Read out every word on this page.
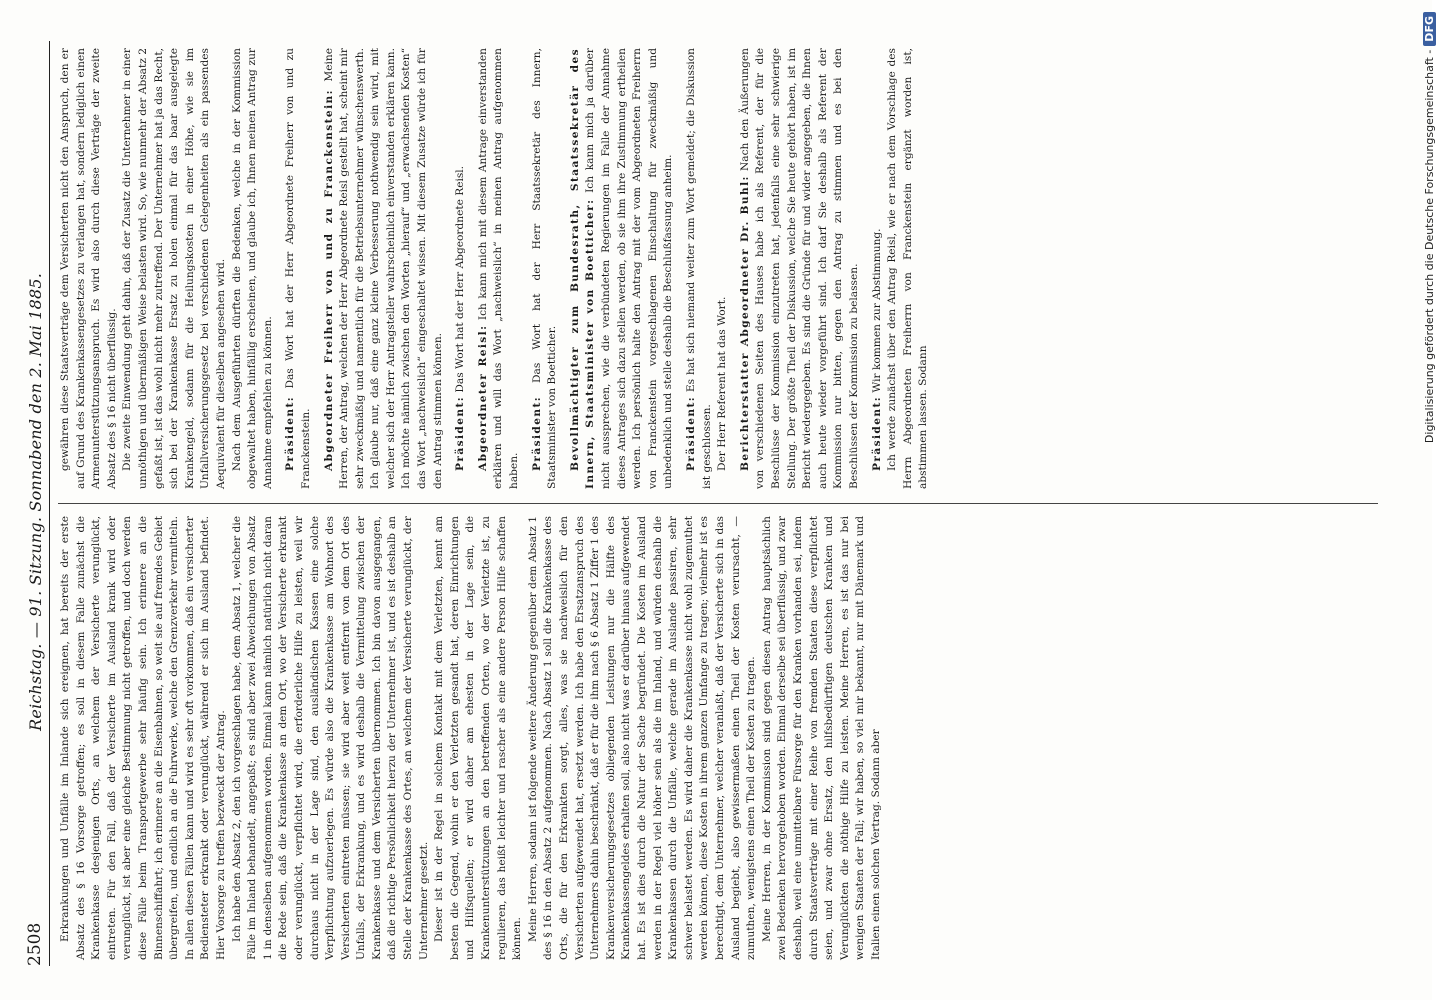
2508
Reichstag. — 91. Sitzung. Sonnabend den 2. Mai 1885. Erkrankungen und Unfälle im Inlande sich ereignen, hat bereits der erste Absatz des § 16 Vorsorge getroffen; es soll in diesem Falle zunächst die Krankenkasse desjenigen Orts, an welchem der Versicherte verunglückt, eintreten. Für den Fall, daß der Versicherte im Ausland krank wird oder verunglückt, ist aber eine gleiche Bestimmung nicht getroffen, und doch werden diese Fälle beim Transportgewerbe sehr häufig sein. Ich erinnere an die Binnenschiffahrt; ich erinnere an die Eisenbahnen, so weit sie auf fremdes Gebiet übergreifen, und endlich an die Fuhrwerke, welche den Grenzverkehr vermitteln. In allen diesen Fällen kann und wird es sehr oft vorkommen, daß ein versicherter Bediensteter erkrankt oder verunglückt, während er sich im Ausland befindet. Hier Vorsorge zu treffen bezweckt der Antrag. Ich habe den Absatz 2, den ich vorgeschlagen habe, dem Absatz 1, welcher die Fälle im Inland behandelt, angepaßt; es sind aber zwei Abweichungen von Absatz 1 in denselben aufgenommen worden. Einmal kann nämlich natürlich nicht daran die Rede sein, daß die Krankenkasse an dem Ort, wo der Versicherte erkrankt oder verunglückt, verpflichtet wird, die erforderliche Hilfe zu leisten, weil wir durchaus nicht in der Lage sind, den ausländischen Kassen eine solche Verpflichtung aufzuerlegen. Es würde also die Krankenkasse am Wohnort des Versicherten eintreten müssen; sie wird aber weit entfernt von dem Ort des Unfalls, der Erkrankung, und es wird deshalb die Vermittelung zwischen der Krankenkasse und dem Versicherten übernommen. Ich bin davon ausgegangen, daß die richtige Persönlichkeit hierzu der Unternehmer ist, und es ist deshalb an Stelle der Krankenkasse des Ortes, an welchem der Versicherte verunglückt, der Unternehmer gesetzt. Dieser ist in der Regel in solchem Kontakt mit dem Verletzten, kennt am besten die Gegend, wohin er den Verletzten gesandt hat, deren Einrichtungen und Hilfsquellen; er wird daher am ehesten in der Lage sein, die Krankenunterstützungen an den betreffenden Orten, wo der Verletzte ist, zu regulieren, das heißt leichter und rascher als eine andere Person Hilfe schaffen können. Meine Herren, sodann ist folgende weitere Änderung gegenüber dem Absatz 1 des § 16 in den Absatz 2 aufgenommen. Nach Absatz 1 soll die Krankenkasse des Orts, die für den Erkrankten sorgt, alles, was sie nachweislich für den Versicherten aufgewendet hat, ersetzt werden. Ich habe den Ersatzanspruch des Unternehmers dahin beschränkt, daß er für die ihm nach § 6 Absatz 1 Ziffer 1 des Krankenversicherungsgesetzes obliegenden Leistungen nur die Hälfte des Krankenkassengeldes erhalten soll, also nicht was er darüber hinaus aufgewendet hat. Es ist dies durch die Natur der Sache begründet. Die Kosten im Ausland werden in der Regel viel höher sein als die im Inland, und würden deshalb die Krankenkassen durch die Unfälle, welche gerade im Auslande passiren, sehr schwer belastet werden. Es wird daher die Krankenkasse nicht wohl zugemuthet werden können, diese Kosten in ihrem ganzen Umfange zu tragen; vielmehr ist es berechtigt, dem Unternehmer, welcher veranlaßt, daß der Versicherte sich in das Ausland begiebt, also gewissermaßen einen Theil der Kosten verursacht, — zumuthen, wenigstens einen Theil der Kosten zu tragen. Meine Herren, in der Kommission sind gegen diesen Antrag hauptsächlich zwei Bedenken hervorgehoben worden. Einmal derselbe sei überflüssig, und zwar deshalb, weil eine unmittelbare Fürsorge für den Kranken vorhanden sei, indem durch Staatsverträge mit einer Reihe von fremden Staaten diese verpflichtet seien, und zwar ohne Ersatz, den hilfsbedürftigen deutschen Kranken und Verunglückten die nöthige Hilfe zu leisten. Meine Herren, es ist das nur bei wenigen Staaten der Fall; wir haben, so viel mir bekannt, nur mit Dänemark und Italien einen solchen Vertrag. Sodann aber

gewähren diese Staatsverträge dem Versicherten nicht den Anspruch, den er auf Grund des Krankenkassengesetzes zu verlangen hat, sondern lediglich einen Armenunterstützungsanspruch. Es wird also durch diese Verträge der zweite Absatz des § 16 nicht überflüssig. Die zweite Einwendung geht dahin, daß der Zusatz die Unternehmer in einer unnöthigen und übermäßigen Weise belasten wird. So, wie nunmehr der Absatz 2 gefaßt ist, ist das wohl nicht mehr zutreffend. Der Unternehmer hat ja das Recht, sich bei der Krankenkasse Ersatz zu holen einmal für das baar ausgelegte Krankengeld, sodann für die Heilungskosten in einer Höhe, wie sie im Unfallversicherungsgesetz bei verschiedenen Gelegenheiten als ein passendes Aequivalent für dieselben angesehen wird. Nach dem Ausgeführten dürften die Bedenken, welche in der Kommission obgewaltet haben, hinfällig erscheinen, und glaube ich, Ihnen meinen Antrag zur Annahme empfehlen zu können. Präsident: Das Wort hat der Herr Abgeordnete Freiherr von und zu Franckenstein. Abgeordneter Freiherr von und zu Franckenstein: Meine Herren, der Antrag, welchen der Herr Abgeordnete Reisl gestellt hat, scheint mir sehr zweckmäßig und namentlich für die Betriebsunternehmer wünschenswerth. Ich glaube nur, daß eine ganz kleine Verbesserung nothwendig sein wird, mit welcher sich der Herr Antragsteller wahrscheinlich einverstanden erklären kann. Ich möchte nämlich zwischen den Worten „hierauf“ und „erwachsenden Kosten“ das Wort „nachweislich“ eingeschaltet wissen. Mit diesem Zusatze würde ich für den Antrag stimmen können. Präsident: Das Wort hat der Herr Abgeordnete Reisl.

Abgeordneter Reisl: Ich kann mich mit diesem Antrage einverstanden erklären und will das Wort „nachweislich“ in meinen Antrag aufgenommen haben. Präsident: Das Wort hat der Herr Staatssekretär des Innern, Staatsminister von Boetticher. Bevollmächtigter zum Bundesrath, Staatssekretär des Innern, Staatsminister von Boetticher: Ich kann mich ja darüber nicht aussprechen, wie die verbündeten Regierungen im Falle der Annahme dieses Antrages sich dazu stellen werden, ob sie ihm ihre Zustimmung ertheilen werden. Ich persönlich halte den Antrag mit der vom Abgeordneten Freiherrn von Franckenstein vorgeschlagenen Einschaltung für zweckmäßig und unbedenklich und stelle deshalb die Beschlußfassung anheim. Präsident: Es hat sich niemand weiter zum Wort gemeldet; die Diskussion ist geschlossen. Der Herr Referent hat das Wort. Berichterstatter Abgeordneter Dr. Buhl: Nach den Äußerungen von verschiedenen Seiten des Hauses habe ich als Referent, der für die Beschlüsse der Kommission einzutreten hat, jedenfalls eine sehr schwierige Stellung. Der größte Theil der Diskussion, welche Sie heute gehört haben, ist im Bericht wiedergegeben. Es sind die Gründe für und wider angegeben, die Ihnen auch heute wieder vorgeführt sind. Ich darf Sie deshalb als Referent der Kommission nur bitten, gegen den Antrag zu stimmen und es bei den Beschlüssen der Kommission zu belassen. Präsident: Wir kommen zur Abstimmung. Ich werde zunächst über den Antrag Reisl, wie er nach dem Vorschlage des Herrn Abgeordneten Freiherrn von Franckenstein ergänzt worden ist, abstimmen lassen. Sodann	Digitalisierung gefördert durch die Deutsche Forschungsgemeinschaft -DFG
